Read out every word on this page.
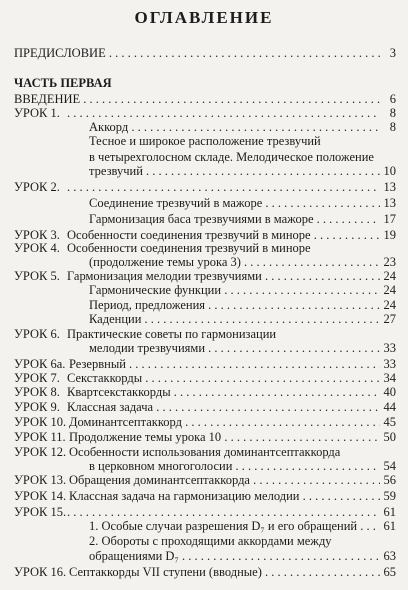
ОГЛАВЛЕНИЕ
ПРЕДИСЛОВИЕ . . .	3
ВВЕДЕНИЕ . . .	6
УРОК 1. . . .	8
Аккорд . . .	8
Тесное и широкое расположение трезвучий
в четырехголосном складе. Мелодическое положение
трезвучий . . .	10
УРОК 2. . . .	13
Соединение трезвучий в мажоре . . .	13
Гармонизация баса трезвучиями в мажоре . . .	17
УРОК 3. Особенности соединения трезвучий в миноре . . .	19
УРОК 4. Особенности соединения трезвучий в миноре
(продолжение темы урока 3) . . .	23
УРОК 5. Гармонизация мелодии трезвучиями . . .	24
Гармонические функции . . .	24
Период, предложения . . .	24
Каденции . . .	27
УРОК 6. Практические советы по гармонизации
мелодии трезвучиями . . .	33
УРОК 6а. Резервный . . .	33
УРОК 7. Секстаккорды . . .	34
УРОК 8. Квартсекстаккорды . . .	40
УРОК 9. Классная задача . . .	44
УРОК 10. Доминантсептаккорд . . .	45
УРОК 11. Продолжение темы урока 10 . . .	50
УРОК 12. Особенности использования доминантсептаккорда
в церковном многоголосии . . .	54
УРОК 13. Обращения доминантсептаккорда . . .	56
УРОК 14. Классная задача на гармонизацию мелодии . . .	59
УРОК 15. . . .	61
1. Особые случаи разрешения D₇ и его обращений . . .	61
2. Обороты с проходящими аккордами между
обращениями D₇ . . .	63
УРОК 16. Септаккорды VII ступени (вводные) . . .	65
ЧАСТЬ ПЕРВАЯ
